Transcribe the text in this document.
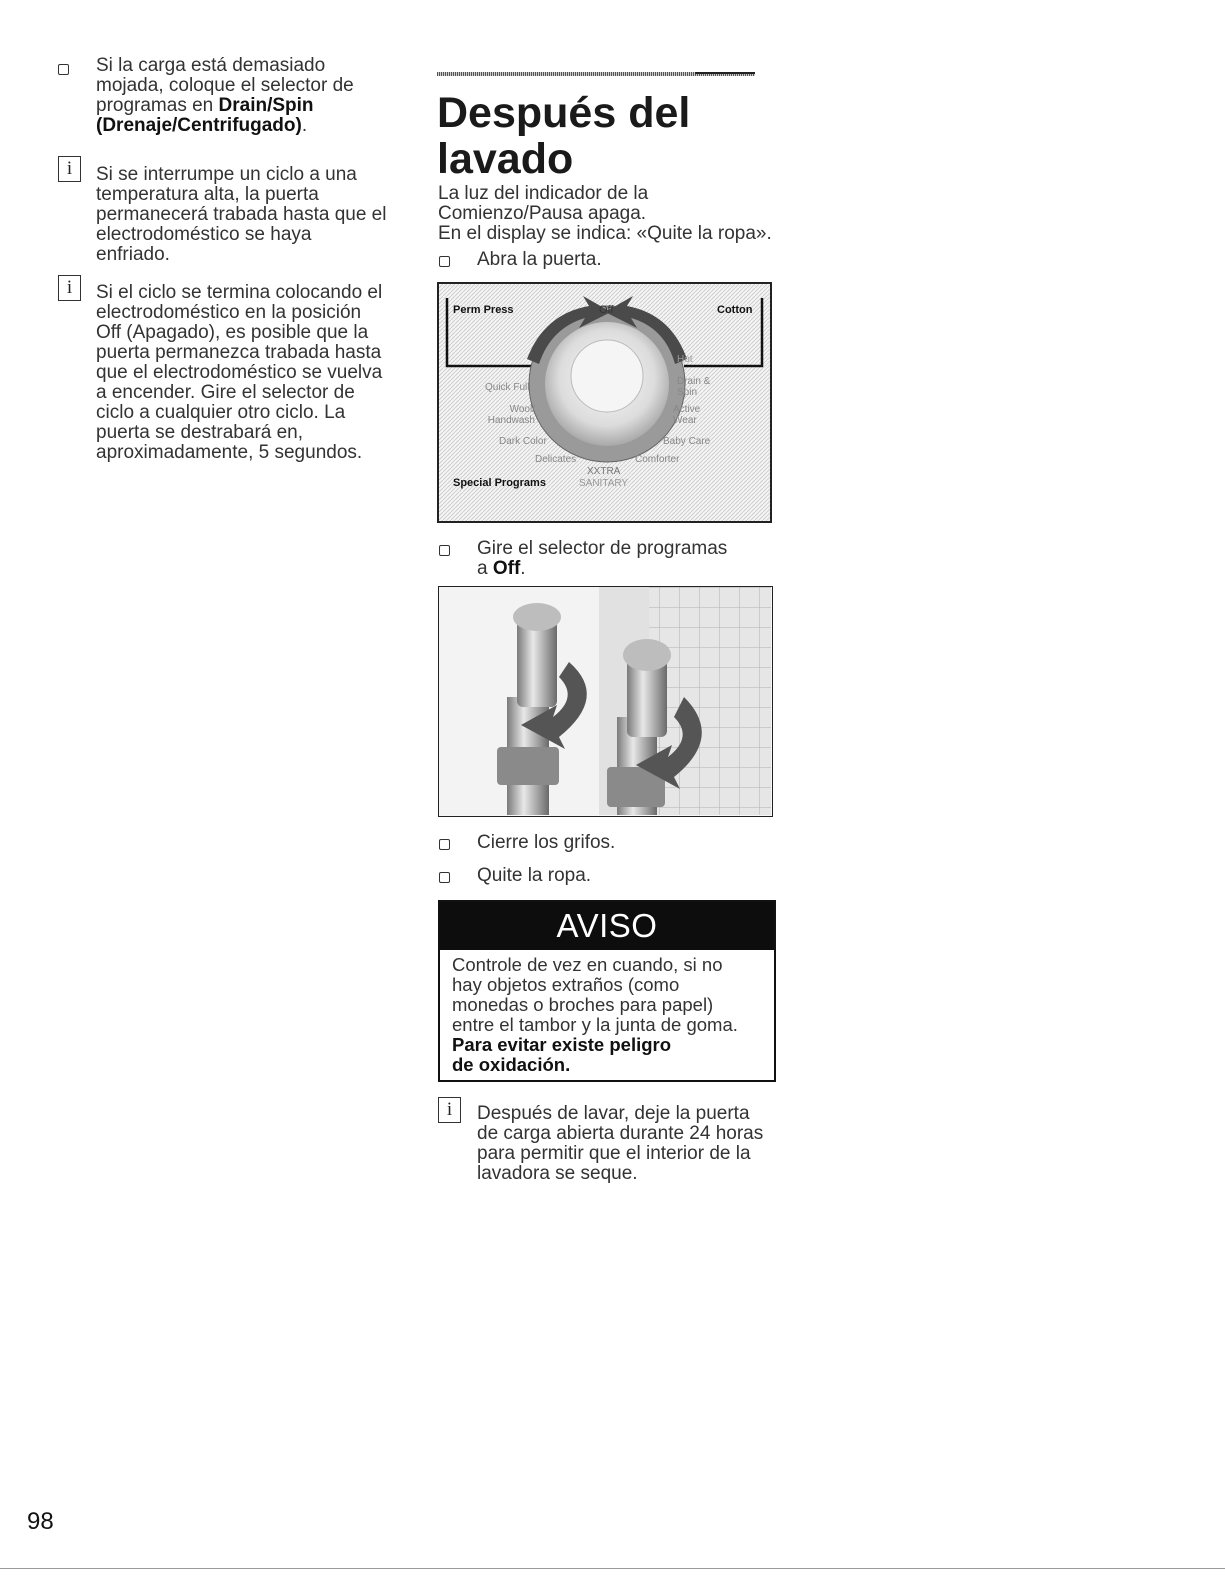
Si la carga está demasiado
mojada, coloque el selector de
programas en Drain/Spin
(Drenaje/Centrifugado).
i Si se interrumpe un ciclo a una
temperatura alta, la puerta
permanecerá trabada hasta que el
electrodoméstico se haya
enfriado.
i Si el ciclo se termina colocando el
electrodoméstico en la posición
Off (Apagado), es posible que la
puerta permanezca trabada hasta
que el electrodoméstico se vuelva
a encender. Gire el selector de
ciclo a cualquier otro ciclo. La
puerta se destrabará en,
aproximadamente, 5 segundos.
Después del
lavado
La luz del indicador de la
Comienzo/Pausa apaga.
En el display se indica: «Quite la ropa».
Abra la puerta.
Perm Press	Off	Cotton
Hot
Quick Full
Drain &
Spin
Wool/
Handwash
Active
Wear
Dark Color	Baby Care
Delicates	Comforter
XXTRA
SANITARY
Special Programs
Gire el selector de programas
a Off.
Cierre los grifos.
Quite la ropa.
AVISO
Controle de vez en cuando, si no
hay objetos extraños (como
monedas o broches para papel)
entre el tambor y la junta de goma.
Para evitar existe peligro
de oxidación.
i Después de lavar, deje la puerta
de carga abierta durante 24 horas
para permitir que el interior de la
lavadora se seque.
98
